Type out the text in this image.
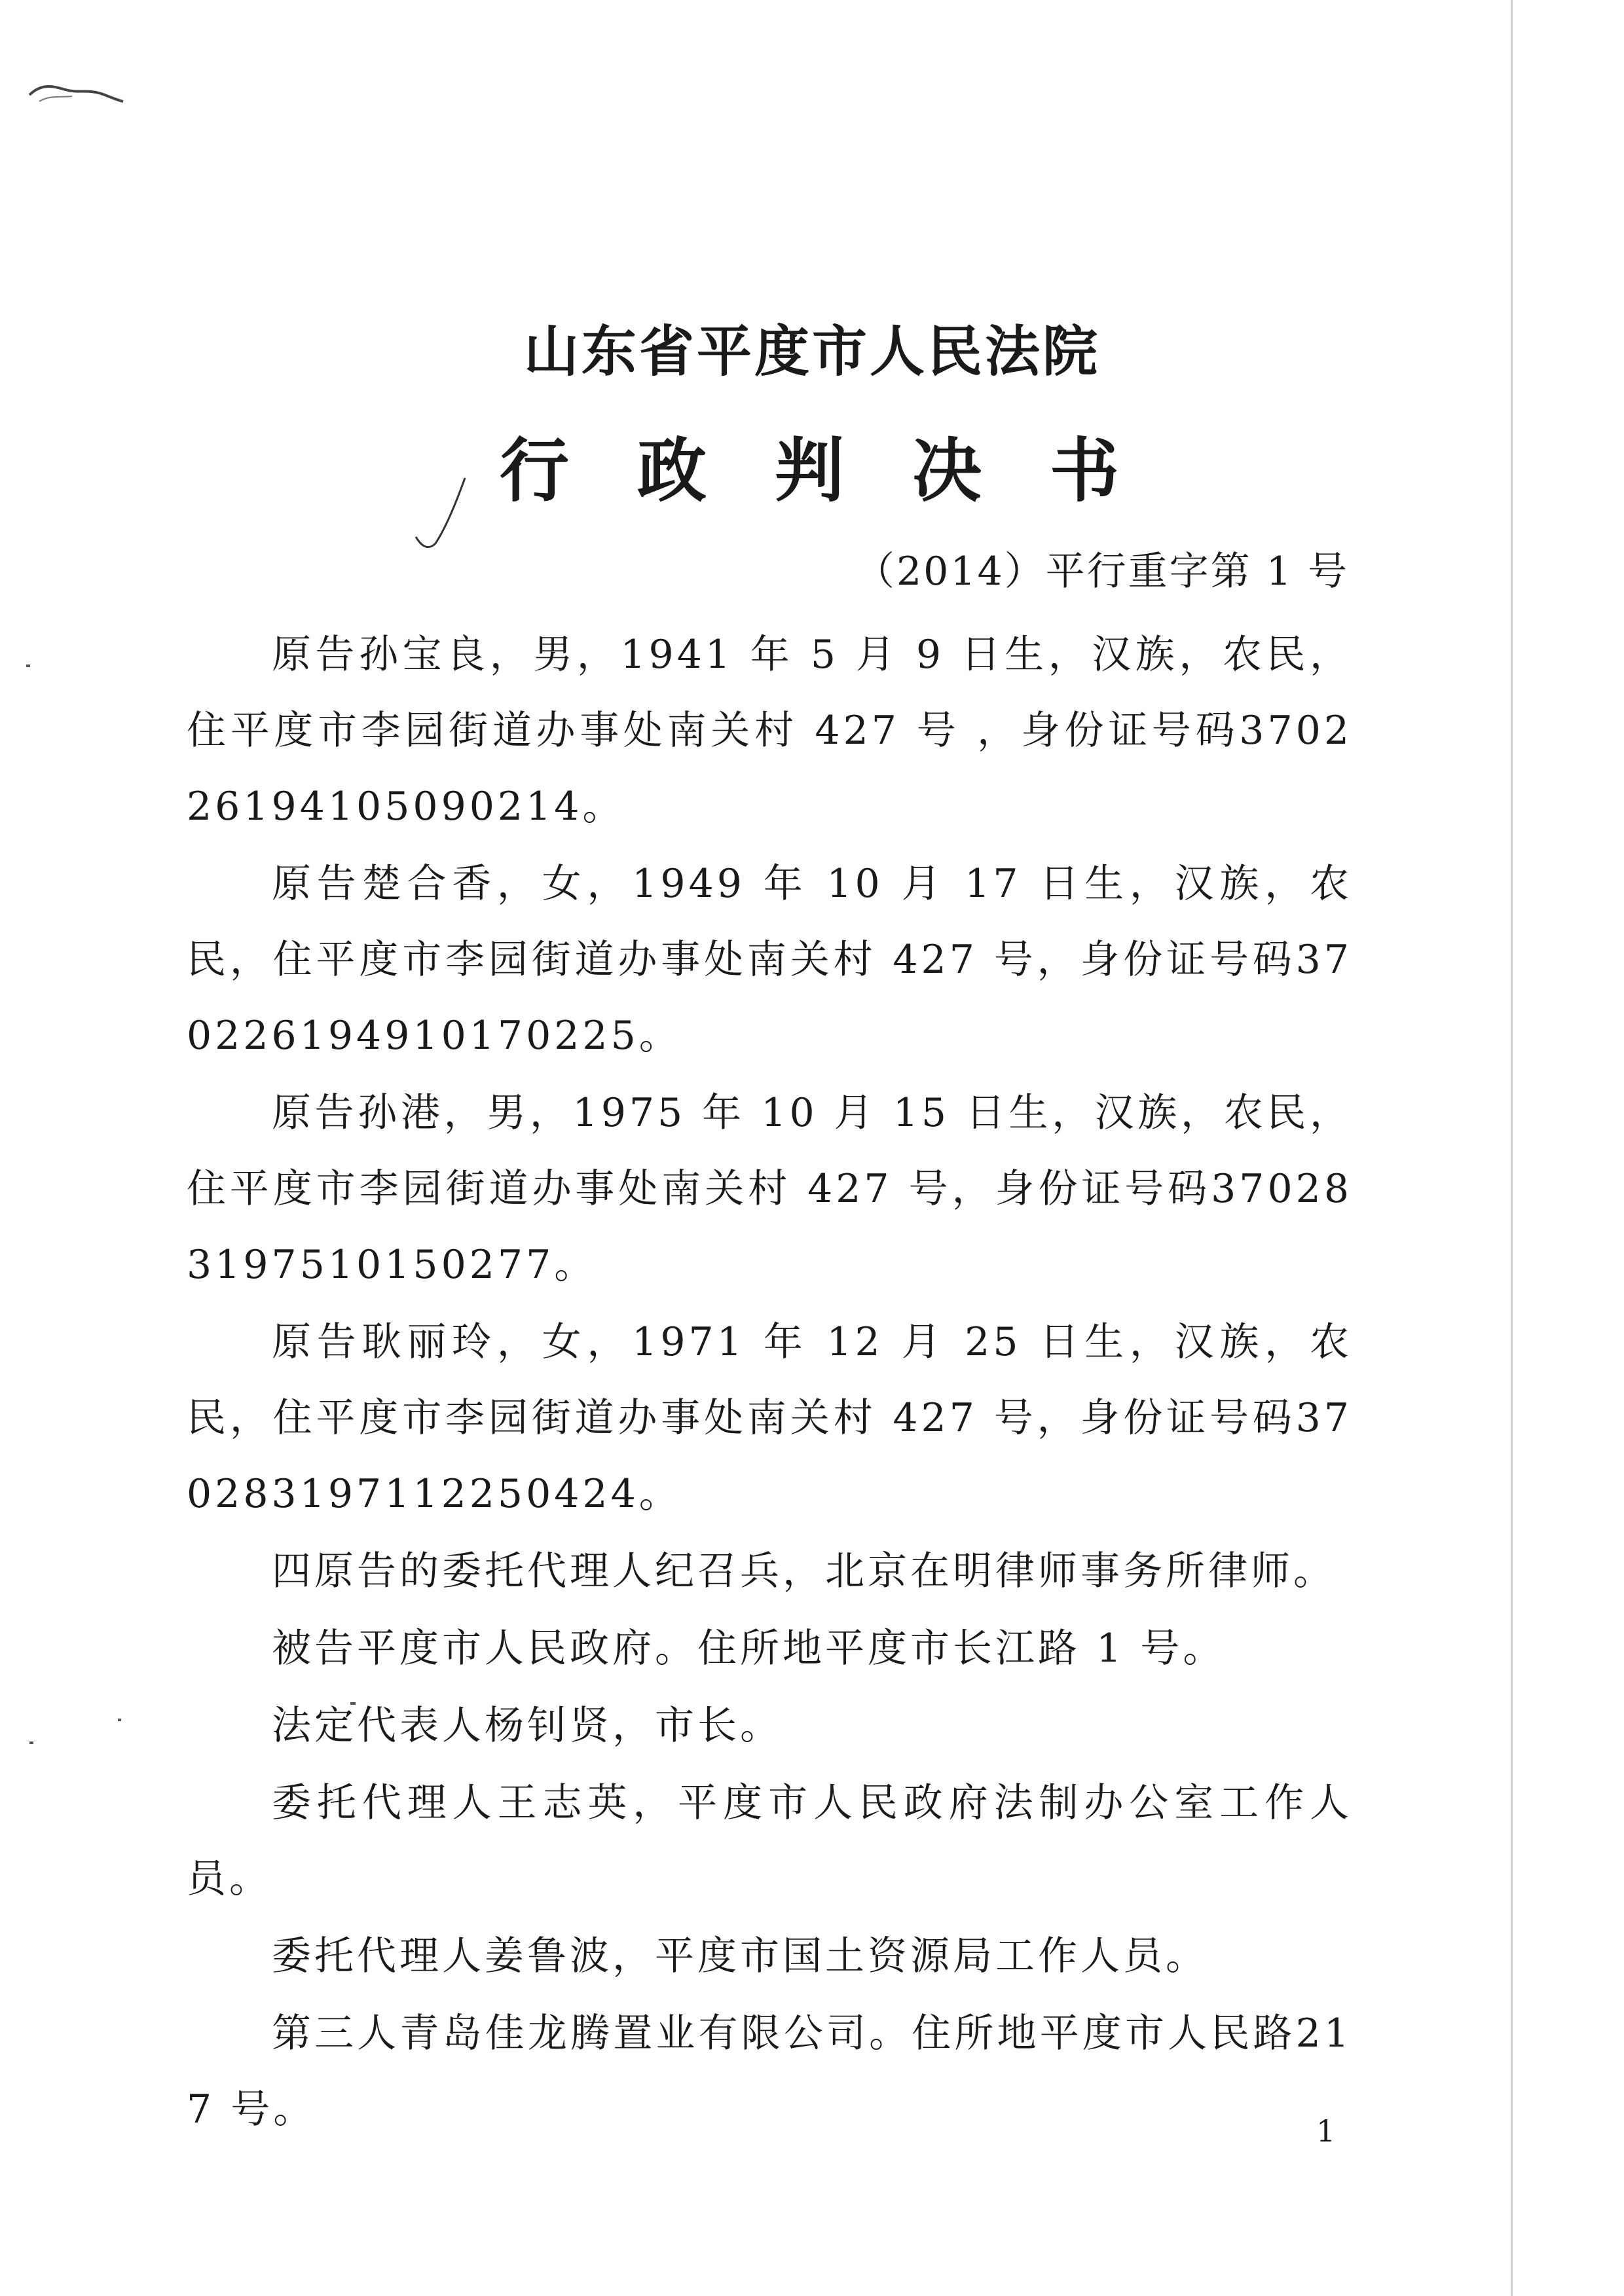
山东省平度市人民法院
行 政 判 决 书
（2014）平行重字第 1 号

原告孙宝良，男，1941 年 5 月 9 日生，汉族，农民，住平度市李园街道办事处南关村 427 号 ，身份证号码370226194105090214。

原告楚合香，女，1949 年 10 月 17 日生，汉族，农民，住平度市李园街道办事处南关村 427 号，身份证号码370226194910170225。

原告孙港，男，1975 年 10 月 15 日生，汉族，农民，住平度市李园街道办事处南关村 427 号，身份证号码370283197510150277。

原告耿丽玲，女，1971 年 12 月 25 日生，汉族，农民，住平度市李园街道办事处南关村 427 号，身份证号码370283197112250424。

四原告的委托代理人纪召兵，北京在明律师事务所律师。

被告平度市人民政府。住所地平度市长江路 1 号。

法定代表人杨钊贤，市长。

委托代理人王志英，平度市人民政府法制办公室工作人员。

委托代理人姜鲁波，平度市国土资源局工作人员。

第三人青岛佳龙腾置业有限公司。住所地平度市人民路217 号。	1
